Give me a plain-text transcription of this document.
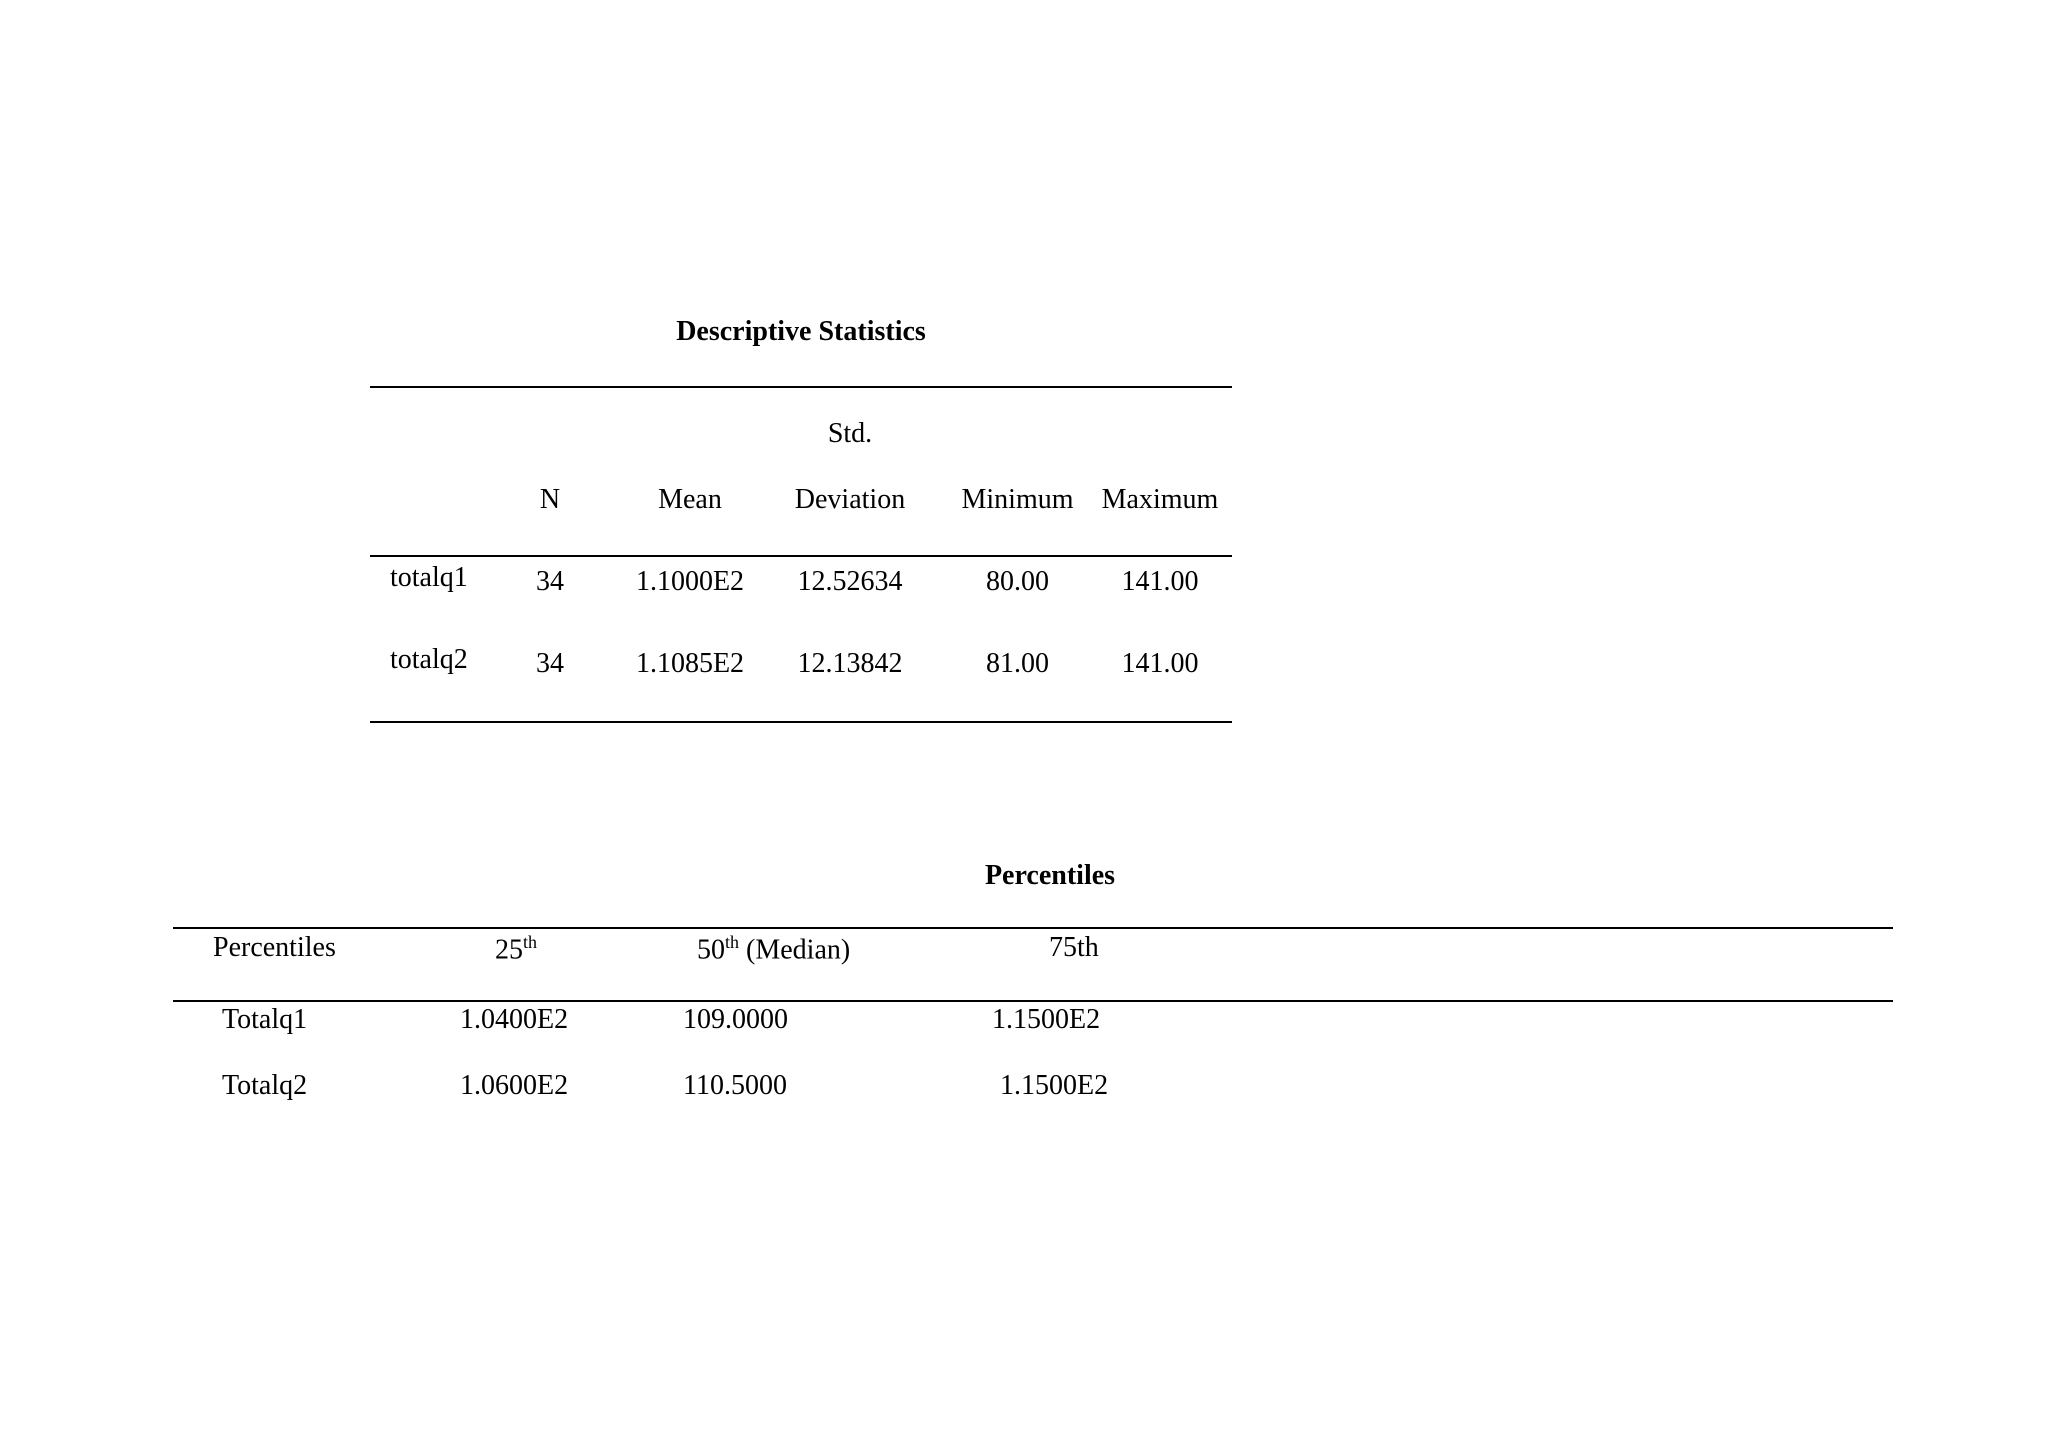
Descriptive Statistics
Std.
N	Mean	Deviation	Minimum	Maximum
totalq1	34	1.1000E2	12.52634	80.00	141.00
totalq2	34	1.1085E2	12.13842	81.00	141.00
Percentiles
Percentiles	25th	50th (Median)	75th
Totalq1	1.0400E2	109.0000	1.1500E2
Totalq2	1.0600E2	110.5000	1.1500E2
